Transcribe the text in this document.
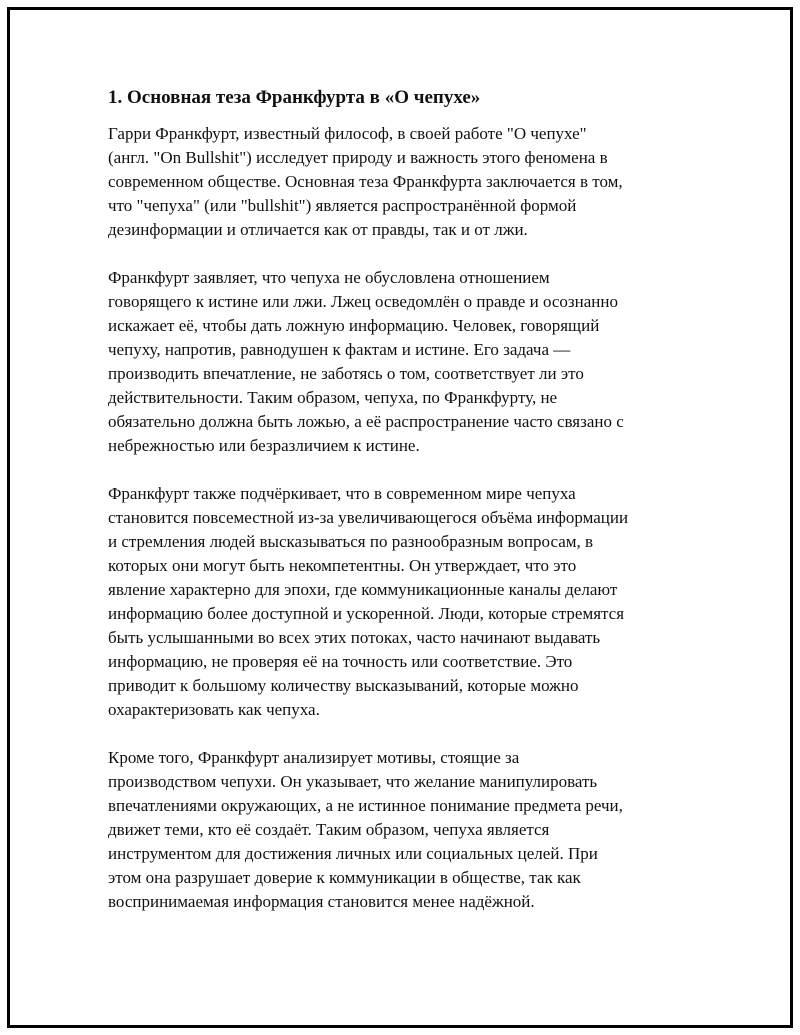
1. Основная теза Франкфурта в «О чепухе»

Гарри Франкфурт, известный философ, в своей работе "О чепухе"
(англ. "On Bullshit") исследует природу и важность этого феномена в
современном обществе. Основная теза Франкфурта заключается в том,
что "чепуха" (или "bullshit") является распространённой формой
дезинформации и отличается как от правды, так и от лжи.

Франкфурт заявляет, что чепуха не обусловлена отношением
говорящего к истине или лжи. Лжец осведомлён о правде и осознанно
искажает её, чтобы дать ложную информацию. Человек, говорящий
чепуху, напротив, равнодушен к фактам и истине. Его задача —
производить впечатление, не заботясь о том, соответствует ли это
действительности. Таким образом, чепуха, по Франкфурту, не
обязательно должна быть ложью, а её распространение часто связано с
небрежностью или безразличием к истине.

Франкфурт также подчёркивает, что в современном мире чепуха
становится повсеместной из-за увеличивающегося объёма информации
и стремления людей высказываться по разнообразным вопросам, в
которых они могут быть некомпетентны. Он утверждает, что это
явление характерно для эпохи, где коммуникационные каналы делают
информацию более доступной и ускоренной. Люди, которые стремятся
быть услышанными во всех этих потоках, часто начинают выдавать
информацию, не проверяя её на точность или соответствие. Это
приводит к большому количеству высказываний, которые можно
охарактеризовать как чепуха.

Кроме того, Франкфурт анализирует мотивы, стоящие за
производством чепухи. Он указывает, что желание манипулировать
впечатлениями окружающих, а не истинное понимание предмета речи,
движет теми, кто её создаёт. Таким образом, чепуха является
инструментом для достижения личных или социальных целей. При
этом она разрушает доверие к коммуникации в обществе, так как
воспринимаемая информация становится менее надёжной.
